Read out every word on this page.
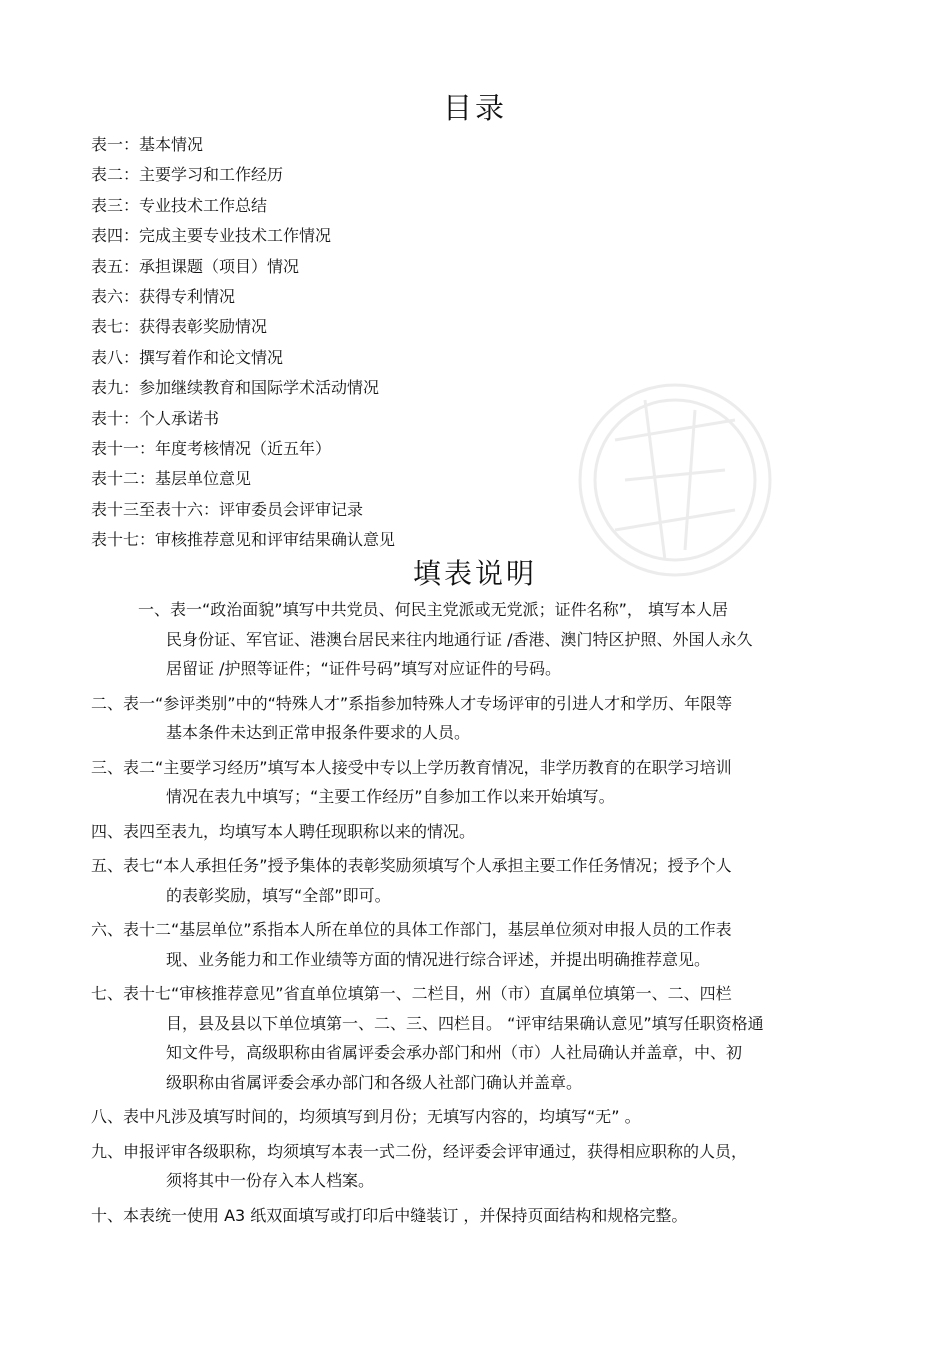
目录
表一：基本情况
表二：主要学习和工作经历
表三：专业技术工作总结
表四：完成主要专业技术工作情况
表五：承担课题（项目）情况
表六：获得专利情况
表七：获得表彰奖励情况
表八：撰写着作和论文情况
表九：参加继续教育和国际学术活动情况
表十：个人承诺书
表十一：年度考核情况（近五年）
表十二：基层单位意见
表十三至表十六：评审委员会评审记录
表十七：审核推荐意见和评审结果确认意见
填表说明
一、表一“政治面貌”填写中共党员、何民主党派或无党派；证件名称”， 填写本人居
民身份证、军官证、港澳台居民来往内地通行证 /香港、澳门特区护照、外国人永久
居留证 /护照等证件；“证件号码”填写对应证件的号码。
二、表一“参评类别”中的“特殊人才”系指参加特殊人才专场评审的引进人才和学历、年限等
基本条件未达到正常申报条件要求的人员。
三、表二“主要学习经历”填写本人接受中专以上学历教育情况，非学历教育的在职学习培训
情况在表九中填写；“主要工作经历”自参加工作以来开始填写。
四、表四至表九，均填写本人聘任现职称以来的情况。
五、表七“本人承担任务”授予集体的表彰奖励须填写个人承担主要工作任务情况；授予个人
的表彰奖励，填写“全部”即可。
六、表十二“基层单位”系指本人所在单位的具体工作部门，基层单位须对申报人员的工作表
现、业务能力和工作业绩等方面的情况进行综合评述，并提出明确推荐意见。
七、表十七“审核推荐意见”省直单位填第一、二栏目，州（市）直属单位填第一、二、四栏
目，县及县以下单位填第一、二、三、四栏目。 “评审结果确认意见”填写任职资格通
知文件号，高级职称由省属评委会承办部门和州（市）人社局确认并盖章，中、初
级职称由省属评委会承办部门和各级人社部门确认并盖章。
八、表中凡涉及填写时间的，均须填写到月份；无填写内容的，均填写“无” 。
九、申报评审各级职称，均须填写本表一式二份，经评委会评审通过，获得相应职称的人员，
须将其中一份存入本人档案。
十、本表统一使用 A3 纸双面填写或打印后中缝装订 ，并保持页面结构和规格完整。
